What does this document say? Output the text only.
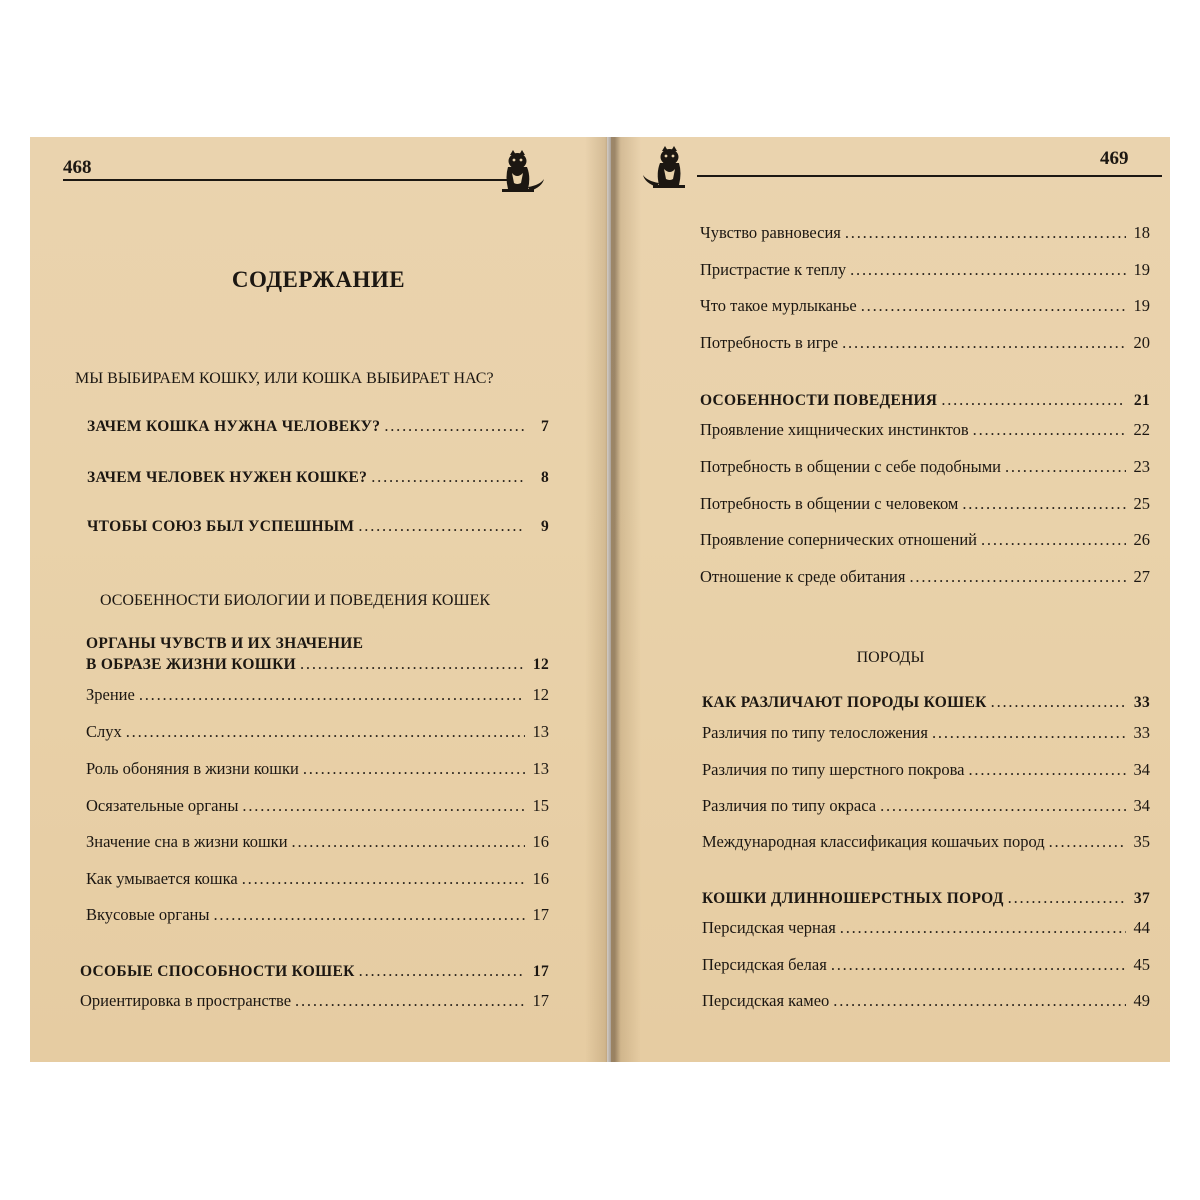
468
СОДЕРЖАНИЕ
МЫ ВЫБИРАЕМ КОШКУ, ИЛИ КОШКА ВЫБИРАЕТ НАС?
ЗАЧЕМ КОШКА НУЖНА ЧЕЛОВЕКУ? .....	7
ЗАЧЕМ ЧЕЛОВЕК НУЖЕН КОШКЕ? .....	8
ЧТОБЫ СОЮЗ БЫЛ УСПЕШНЫМ .....	9
ОСОБЕННОСТИ БИОЛОГИИ И ПОВЕДЕНИЯ КОШЕК
ОРГАНЫ ЧУВСТВ И ИХ ЗНАЧЕНИЕ
В ОБРАЗЕ ЖИЗНИ КОШКИ .....	12
Зрение .....	12
Слух .....	13
Роль обоняния в жизни кошки .....	13
Осязательные органы .....	15
Значение сна в жизни кошки .....	16
Как умывается кошка .....	16
Вкусовые органы .....	17
ОСОБЫЕ СПОСОБНОСТИ КОШЕК .....	17
Ориентировка в пространстве .....	17
469
Чувство равновесия .....	18
Пристрастие к теплу .....	19
Что такое мурлыканье .....	19
Потребность в игре .....	20
ОСОБЕННОСТИ ПОВЕДЕНИЯ .....	21
Проявление хищнических инстинктов .....	22
Потребность в общении с себе подобными .....	23
Потребность в общении с человеком .....	25
Проявление сопернических отношений .....	26
Отношение к среде обитания .....	27
ПОРОДЫ
КАК РАЗЛИЧАЮТ ПОРОДЫ КОШЕК .....	33
Различия по типу телосложения .....	33
Различия по типу шерстного покрова .....	34
Различия по типу окраса .....	34
Международная классификация кошачьих пород .....	35
КОШКИ ДЛИННОШЕРСТНЫХ ПОРОД .....	37
Персидская черная .....	44
Персидская белая .....	45
Персидская камео .....	49
